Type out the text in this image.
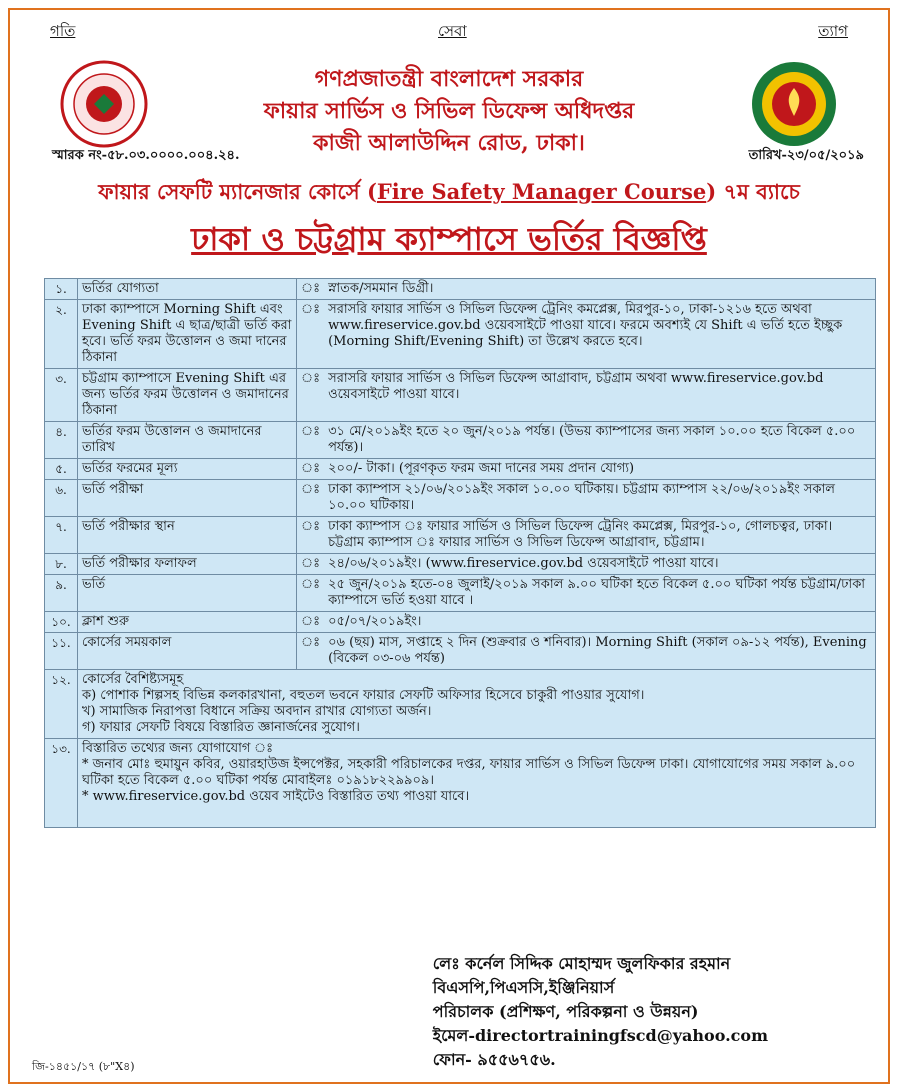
গতি	সেবা	ত্যাগ
গণপ্রজাতন্ত্রী বাংলাদেশ সরকার
ফায়ার সার্ভিস ও সিভিল ডিফেন্স অধিদপ্তর
কাজী আলাউদ্দিন রোড, ঢাকা।
স্মারক নং-৫৮.০৩.০০০০.০০৪.২৪.	তারিখ-২৩/০৫/২০১৯
ফায়ার সেফটি ম্যানেজার কোর্সে (Fire Safety Manager Course) ৭ম ব্যাচে
ঢাকা ও চট্টগ্রাম ক্যাম্পাসে ভর্তির বিজ্ঞপ্তি
১.	ভর্তির যোগ্যতা	ঃ	স্নাতক/সমমান ডিগ্রী।
২.	ঢাকা ক্যাম্পাসে Morning Shift এবং Evening Shift এ ছাত্র/ছাত্রী ভর্তি করা হবে। ভর্তি ফরম উত্তোলন ও জমা দানের ঠিকানা	ঃ	সরাসরি ফায়ার সার্ভিস ও সিভিল ডিফেন্স ট্রেনিং কমপ্লেক্স, মিরপুর-১০, ঢাকা-১২১৬ হতে অথবা www.fireservice.gov.bd ওয়েবসাইটে পাওয়া যাবে। ফরমে অবশ্যই যে Shift এ ভর্তি হতে ইচ্ছুক (Morning Shift/Evening Shift) তা উল্লেখ করতে হবে।
৩.	চট্টগ্রাম ক্যাম্পাসে Evening Shift এর জন্য ভর্তির ফরম উত্তোলন ও জমাদানের ঠিকানা	ঃ	সরাসরি ফায়ার সার্ভিস ও সিভিল ডিফেন্স আগ্রাবাদ, চট্টগ্রাম অথবা www.fireservice.gov.bd ওয়েবসাইটে পাওয়া যাবে।
৪.	ভর্তির ফরম উত্তোলন ও জমাদানের তারিখ	ঃ	৩১ মে/২০১৯ইং হতে ২০ জুন/২০১৯ পর্যন্ত। (উভয় ক্যাম্পাসের জন্য সকাল ১০.০০ হতে বিকেল ৫.০০ পর্যন্ত)।
৫.	ভর্তির ফরমের মূল্য	ঃ	২০০/- টাকা। (পূরণকৃত ফরম জমা দানের সময় প্রদান যোগ্য)
৬.	ভর্তি পরীক্ষা	ঃ	ঢাকা ক্যাম্পাস ২১/০৬/২০১৯ইং সকাল ১০.০০ ঘটিকায়। চট্টগ্রাম ক্যাম্পাস ২২/০৬/২০১৯ইং সকাল ১০.০০ ঘটিকায়।
৭.	ভর্তি পরীক্ষার স্থান	ঃ	ঢাকা ক্যাম্পাস ঃ ফায়ার সার্ভিস ও সিভিল ডিফেন্স ট্রেনিং কমপ্লেক্স, মিরপুর-১০, গোলচত্বর, ঢাকা। চট্টগ্রাম ক্যাম্পাস ঃ ফায়ার সার্ভিস ও সিভিল ডিফেন্স আগ্রাবাদ, চট্টগ্রাম।
৮.	ভর্তি পরীক্ষার ফলাফল	ঃ	২৪/০৬/২০১৯ইং। (www.fireservice.gov.bd ওয়েবসাইটে পাওয়া যাবে।
৯.	ভর্তি	ঃ	২৫ জুন/২০১৯ হতে-০৪ জুলাই/২০১৯ সকাল ৯.০০ ঘটিকা হতে বিকেল ৫.০০ ঘটিকা পর্যন্ত চট্টগ্রাম/ঢাকা ক্যাম্পাসে ভর্তি হওয়া যাবে ।
১০.	ক্লাশ শুরু	ঃ	০৫/০৭/২০১৯ইং।
১১.	কোর্সের সময়কাল	ঃ	০৬ (ছয়) মাস, সপ্তাহে ২ দিন (শুক্রবার ও শনিবার)। Morning Shift (সকাল ০৯-১২ পর্যন্ত), Evening (বিকেল ০৩-০৬ পর্যন্ত)
১২.	কোর্সের বৈশিষ্ট্যসমূহ
ক) পোশাক শিল্পসহ বিভিন্ন কলকারখানা, বহুতল ভবনে ফায়ার সেফটি অফিসার হিসেবে চাকুরী পাওয়ার সুযোগ।
খ) সামাজিক নিরাপত্তা বিধানে সক্রিয় অবদান রাখার যোগ্যতা অর্জন।
গ) ফায়ার সেফটি বিষয়ে বিস্তারিত জ্ঞানার্জনের সুযোগ।		

১৩.	বিস্তারিত তথ্যের জন্য যোগাযোগ ঃ
* জনাব মোঃ হুমায়ুন কবির, ওয়ারহাউজ ইন্সপেক্টর, সহকারী পরিচালকের দপ্তর, ফায়ার সার্ভিস ও সিভিল ডিফেন্স ঢাকা। যোগাযোগের সময় সকাল ৯.০০ ঘটিকা হতে বিকেল ৫.০০ ঘটিকা পর্যন্ত মোবাইলঃ ০১৯১৮২২৯৯০৯।
* www.fireservice.gov.bd ওয়েব সাইটেও বিস্তারিত তথ্য পাওয়া যাবে।		
লেঃ কর্নেল সিদ্দিক মোহাম্মদ জুলফিকার রহমান
বিএসপি,পিএসসি,ইঞ্জিনিয়ার্স
পরিচালক (প্রশিক্ষণ, পরিকল্পনা ও উন্নয়ন)
ইমেল-directortrainingfscd@yahoo.com
ফোন- ৯৫৫৬৭৫৬.
জি-১৪৫১/১৭ (৮"X৪)
